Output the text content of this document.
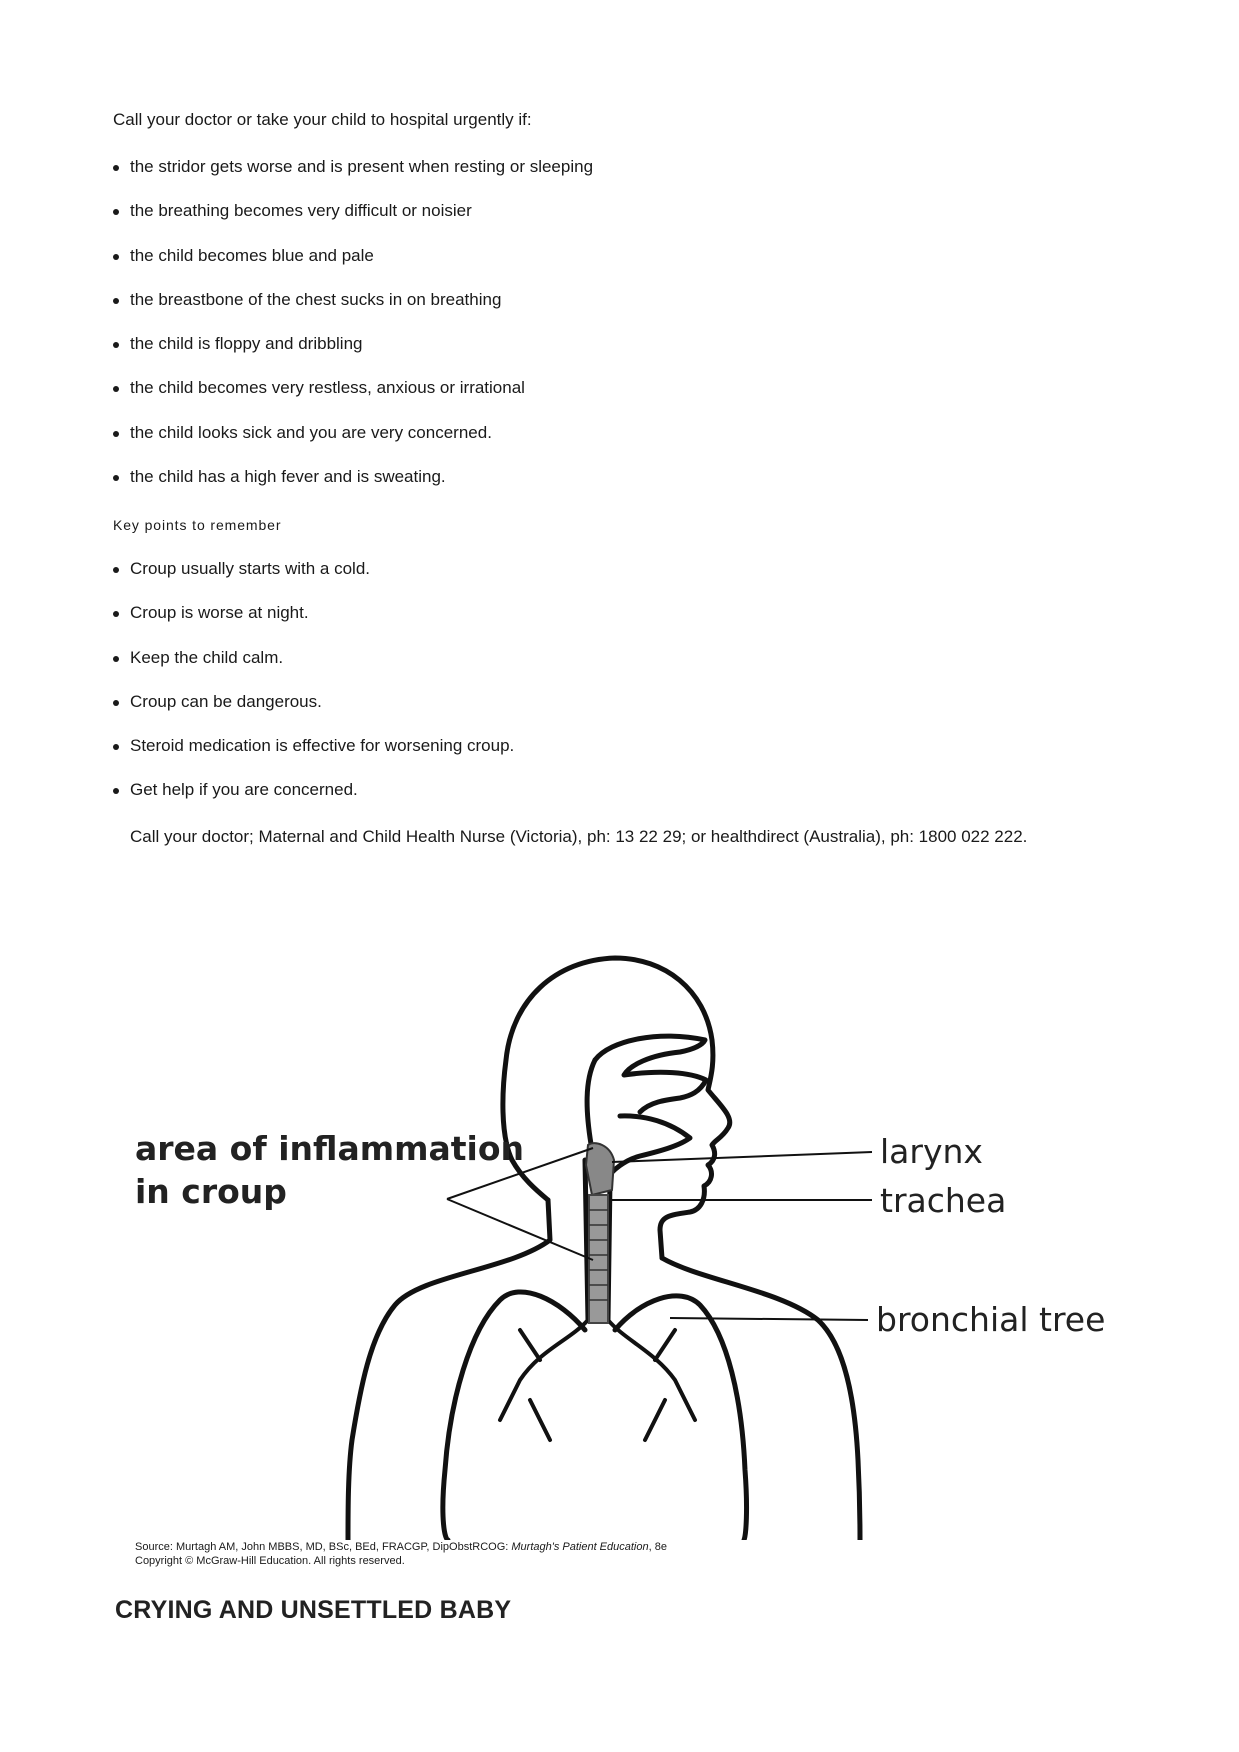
Call your doctor or take your child to hospital urgently if:
the stridor gets worse and is present when resting or sleeping
the breathing becomes very difficult or noisier
the child becomes blue and pale
the breastbone of the chest sucks in on breathing
the child is floppy and dribbling
the child becomes very restless, anxious or irrational
the child looks sick and you are very concerned.
the child has a high fever and is sweating.
Key points to remember
Croup usually starts with a cold.
Croup is worse at night.
Keep the child calm.
Croup can be dangerous.
Steroid medication is effective for worsening croup.
Get help if you are concerned.
Call your doctor; Maternal and Child Health Nurse (Victoria), ph: 13 22 29; or healthdirect (Australia), ph: 1800 022 222.
area of inflammation
in croup
larynx
trachea
bronchial tree
Source: Murtagh AM, John MBBS, MD, BSc, BEd, FRACGP, DipObstRCOG: Murtagh's Patient Education, 8e
Copyright © McGraw-Hill Education. All rights reserved.
CRYING AND UNSETTLED BABY
